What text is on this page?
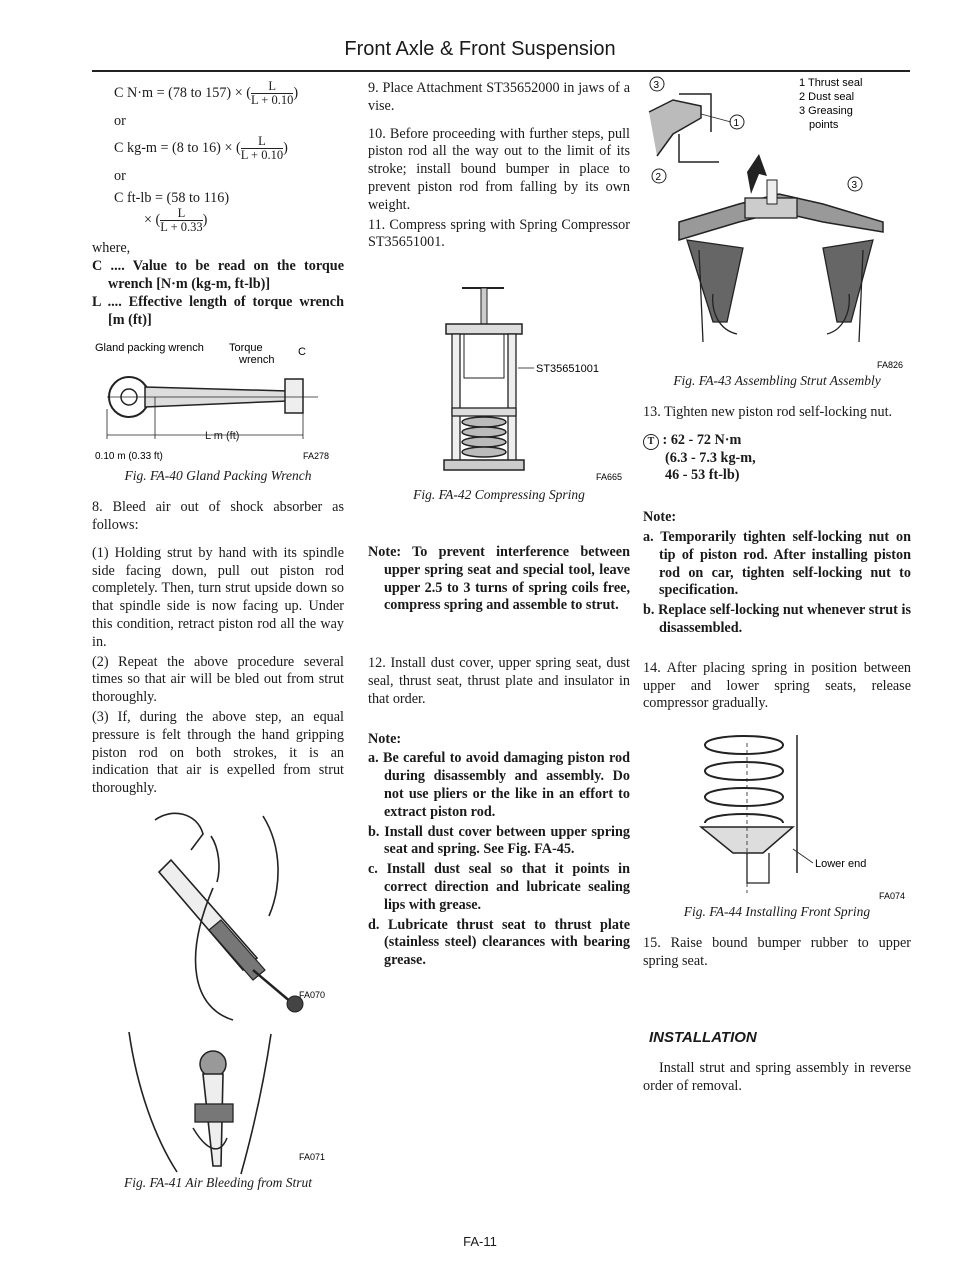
Front Axle & Front Suspension
C N·m = (78 to 157) × ( $\frac{L}{L + 0.10}$ )
or
C kg-m = (8 to 16) × ( $\frac{L}{L + 0.10}$ )
or
C ft-lb = (58 to 116)
× ( $\frac{L}{L + 0.33}$ )
where,

C .... Value to be read on the torque wrench [N·m (kg-m, ft-lb)]

L .... Effective length of torque wrench [m (ft)]

Gland packing wrench Torque
wrench
C
L m (ft)
0.10 m (0.33 ft)	FA278
Fig. FA-40 Gland Packing Wrench

8. Bleed air out of shock absorber as follows:

(1) Holding strut by hand with its spindle side facing down, pull out piston rod completely. Then, turn strut upside down so that spindle side is now facing up. Under this condition, retract piston rod all the way in.

(2) Repeat the above procedure several times so that air will be bled out from strut thoroughly.

(3) If, during the above step, an equal pressure is felt through the hand gripping piston rod on both strokes, it is an indication that air is expelled from strut thoroughly.

FA070
FA071
Fig. FA-41 Air Bleeding from Strut

9. Place Attachment ST35652000 in jaws of a vise.

10. Before proceeding with further steps, pull piston rod all the way out to the limit of its stroke; install bound bumper in place to prevent piston rod from falling by its own weight.

11. Compress spring with Spring Compressor ST35651001.

ST35651001
FA665
Fig. FA-42 Compressing Spring

Note: To prevent interference between upper spring seat and special tool, leave upper 2.5 to 3 turns of spring coils free, compress spring and assemble to strut.

12. Install dust cover, upper spring seat, dust seal, thrust seat, thrust plate and insulator in that order.

Note:

a. Be careful to avoid damaging piston rod during disassembly and assembly. Do not use pliers or the like in an effort to extract piston rod.

b. Install dust cover between upper spring seat and spring. See Fig. FA-45.

c. Install dust seal so that it points in correct direction and lubricate sealing lips with grease.

d. Lubricate thrust seat to thrust plate (stainless steel) clearances with bearing grease.

3
1
2
1 Thrust seal
2 Dust seal
3 Greasing
points
3
FA826
Fig. FA-43 Assembling Strut Assembly

13. Tighten new piston rod self-locking nut.

T : 62 - 72 N·m
(6.3 - 7.3 kg-m,
46 - 53 ft-lb)

Note:

a. Temporarily tighten self-locking nut on tip of piston rod. After installing piston rod on car, tighten self-locking nut to specification.

b. Replace self-locking nut whenever strut is disassembled.

14. After placing spring in position between upper and lower spring seats, release compressor gradually.

Lower end
FA074
Fig. FA-44 Installing Front Spring

15. Raise bound bumper rubber to upper spring seat.

INSTALLATION

Install strut and spring assembly in reverse order of removal.

FA-11
